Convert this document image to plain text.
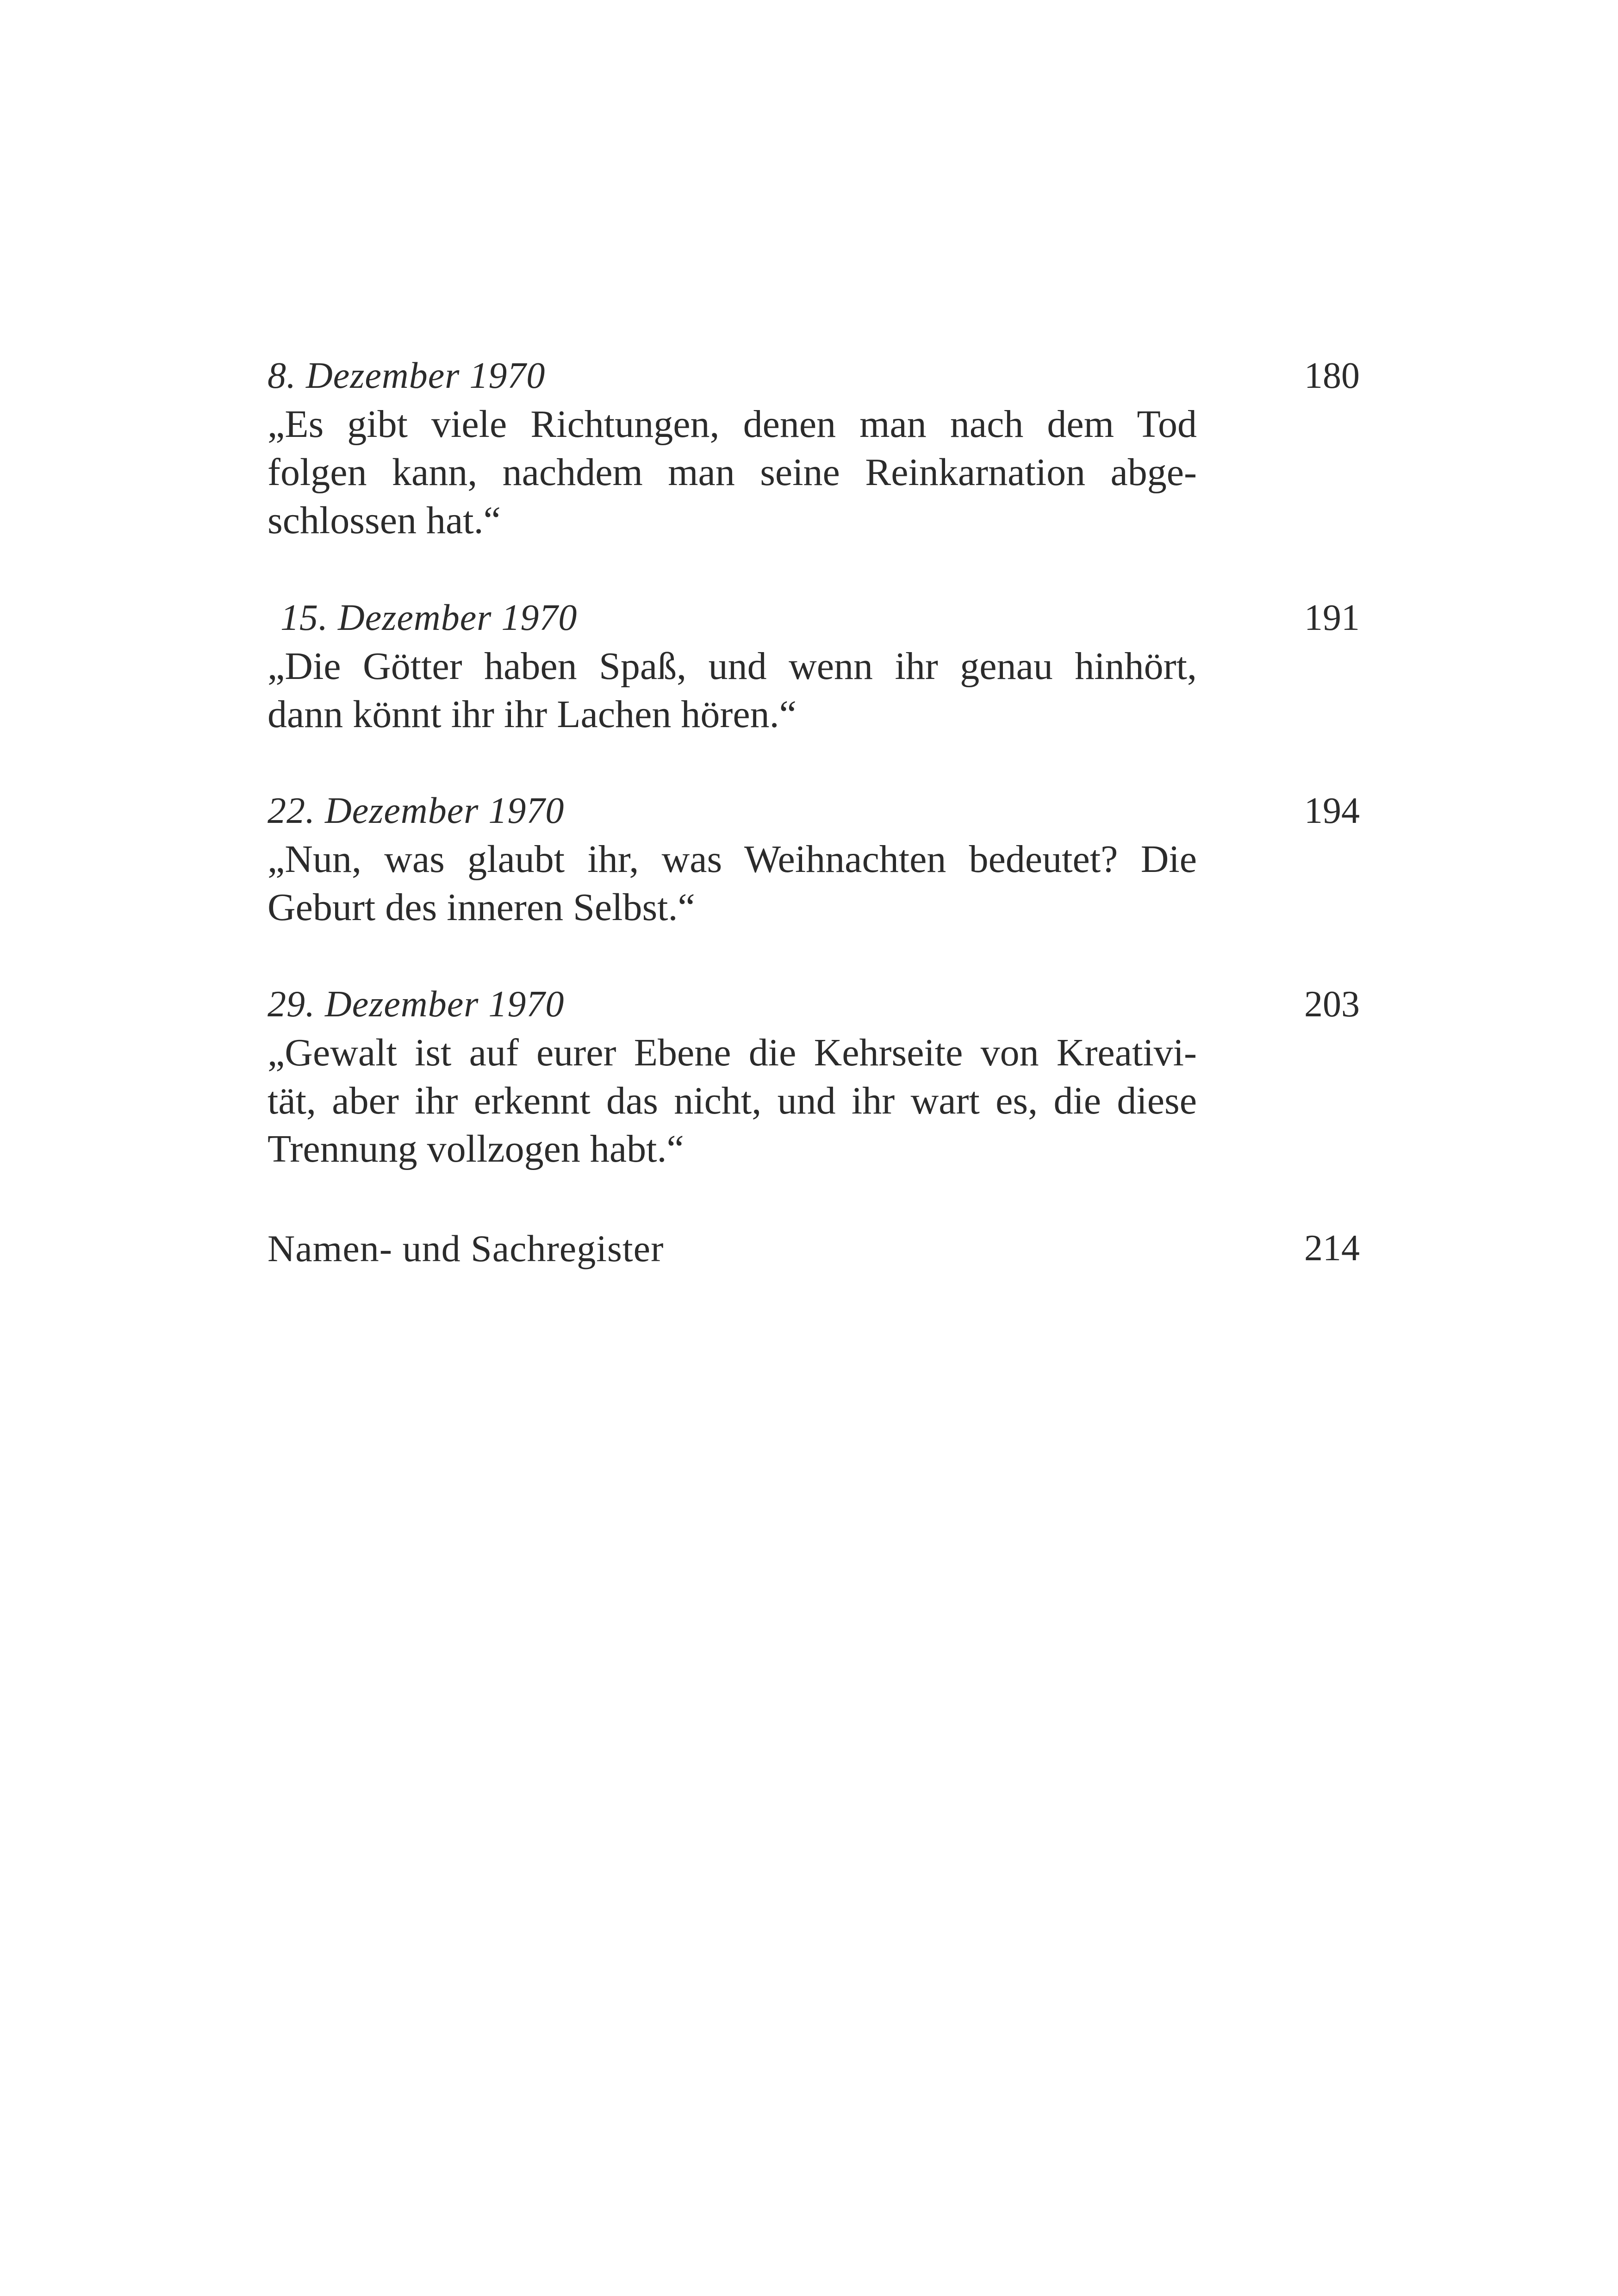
8. Dezember 1970	180
„Es gibt viele Richtungen, denen man nach dem Tod
folgen kann, nachdem man seine Reinkarnation abge-
schlossen hat.“
15. Dezember 1970	191
„Die Götter haben Spaß, und wenn ihr genau hinhört,
dann könnt ihr ihr Lachen hören.“
22. Dezember 1970	194
„Nun, was glaubt ihr, was Weihnachten bedeutet? Die
Geburt des inneren Selbst.“
29. Dezember 1970	203
„Gewalt ist auf eurer Ebene die Kehrseite von Kreativi-
tät, aber ihr erkennt das nicht, und ihr wart es, die diese
Trennung vollzogen habt.“
Namen- und Sachregister	214
